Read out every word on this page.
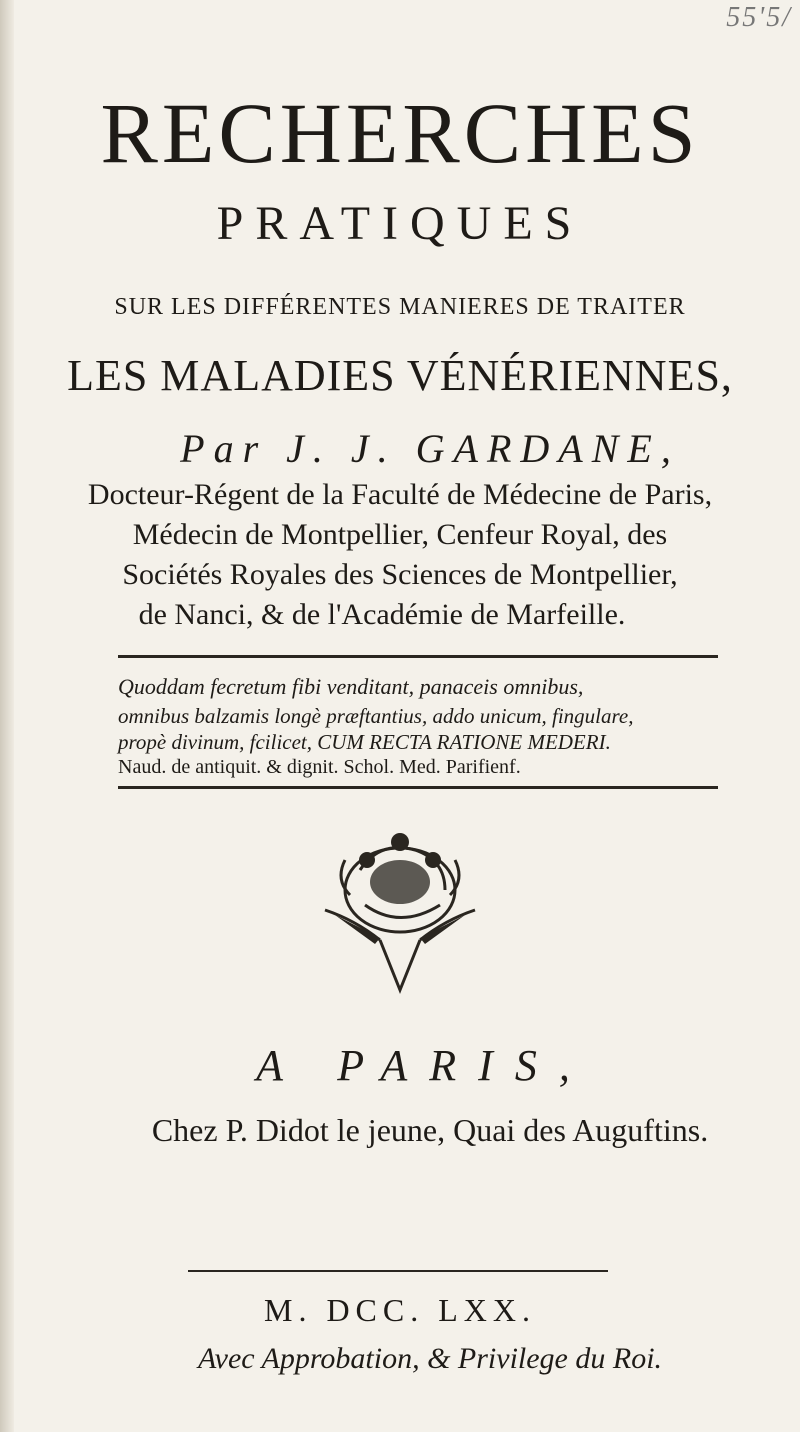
55'5/
RECHERCHES
PRATIQUES
SUR LES DIFFÉRENTES MANIERES DE TRAITER
LES MALADIES VÉNÉRIENNES,
Par J. J. GARDANE,
Docteur-Régent de la Faculté de Médecine de Paris,
Médecin de Montpellier, Cenfeur Royal, des
Sociétés Royales des Sciences de Montpellier,
de Nanci, & de l'Académie de Marfeille.
Quoddam fecretum fibi venditant, panaceis omnibus,
omnibus balzamis longè præftantius, addo unicum, fingulare,
propè divinum, fcilicet, CUM RECTA RATIONE MEDERI.
Naud. de antiquit. & dignit. Schol. Med. Parifienf.
A PARIS,
Chez P. Didot le jeune, Quai des Auguftins.
M. DCC. LXX.
Avec Approbation, & Privilege du Roi.
